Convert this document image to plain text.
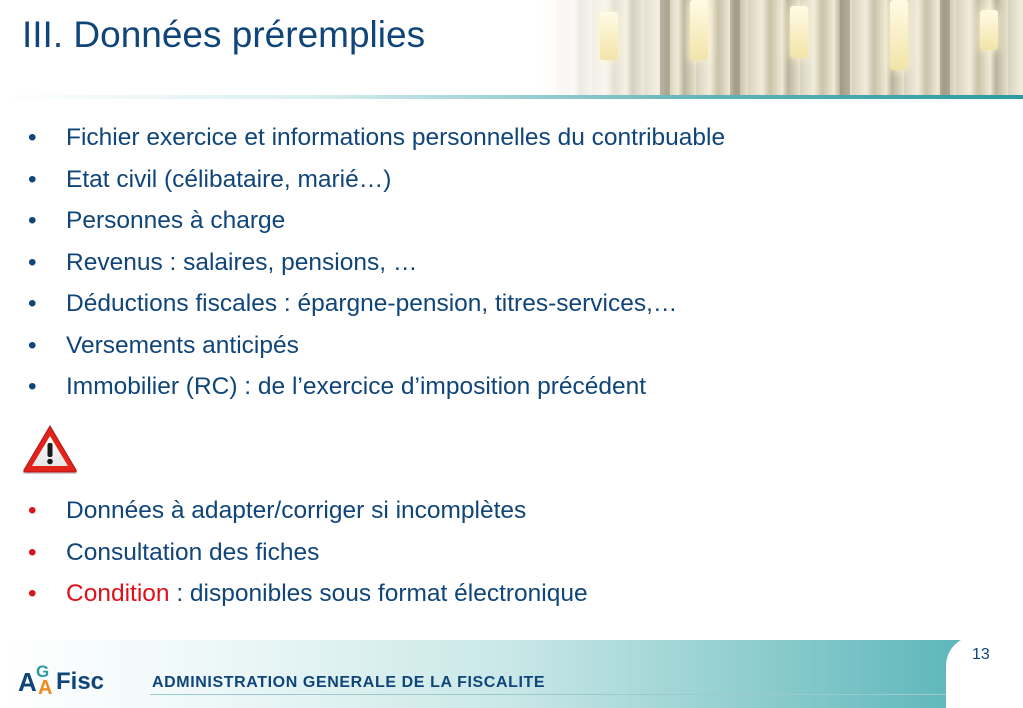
III. Données préremplies
• Fichier exercice et informations personnelles du contribuable
• Etat civil (célibataire, marié…)
• Personnes à charge
• Revenus : salaires, pensions, …
• Déductions fiscales : épargne-pension, titres-services,…
• Versements anticipés
• Immobilier (RC) : de l’exercice d’imposition précédent
• Données à adapter/corriger si incomplètes
• Consultation des fiches
• Condition : disponibles sous format électronique
A G
A Fisc	ADMINISTRATION GENERALE DE LA FISCALITE
13
